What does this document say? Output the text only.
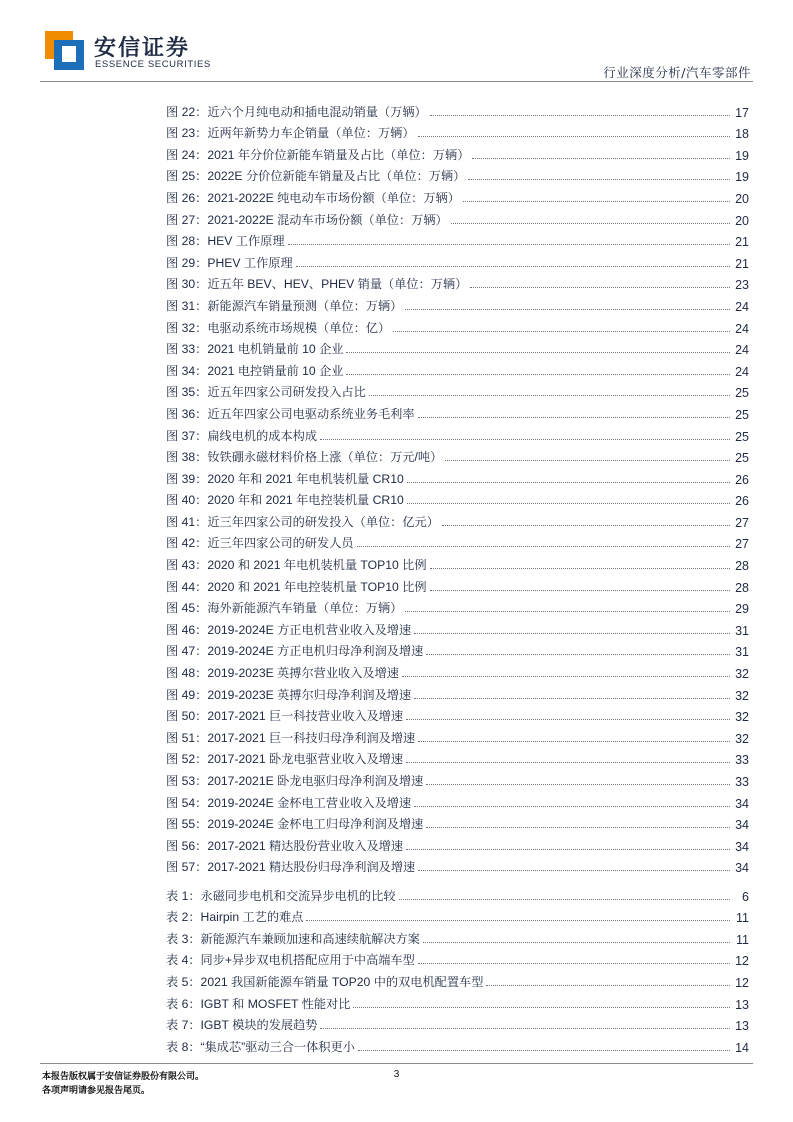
安信证券
ESSENCE SECURITIES
行业深度分析/汽车零部件
图 22：近六个月纯电动和插电混动销量（万辆）	17
图 23：近两年新势力车企销量（单位：万辆）	18
图 24：2021 年分价位新能车销量及占比（单位：万辆）	19
图 25：2022E 分价位新能车销量及占比（单位：万辆）	19
图 26：2021-2022E 纯电动车市场份额（单位：万辆）	20
图 27：2021-2022E 混动车市场份额（单位：万辆）	20
图 28：HEV 工作原理	21
图 29：PHEV 工作原理	21
图 30：近五年 BEV、HEV、PHEV 销量（单位：万辆）	23
图 31：新能源汽车销量预测（单位：万辆）	24
图 32：电驱动系统市场规模（单位：亿）	24
图 33：2021 电机销量前 10 企业	24
图 34：2021 电控销量前 10 企业	24
图 35：近五年四家公司研发投入占比	25
图 36：近五年四家公司电驱动系统业务毛利率	25
图 37：扁线电机的成本构成	25
图 38：钕铁硼永磁材料价格上涨（单位：万元/吨）	25
图 39：2020 年和 2021 年电机装机量 CR10	26
图 40：2020 年和 2021 年电控装机量 CR10	26
图 41：近三年四家公司的研发投入（单位：亿元）	27
图 42：近三年四家公司的研发人员	27
图 43：2020 和 2021 年电机装机量 TOP10 比例	28
图 44：2020 和 2021 年电控装机量 TOP10 比例	28
图 45：海外新能源汽车销量（单位：万辆）	29
图 46：2019-2024E 方正电机营业收入及增速	31
图 47：2019-2024E 方正电机归母净利润及增速	31
图 48：2019-2023E 英搏尔营业收入及增速	32
图 49：2019-2023E 英搏尔归母净利润及增速	32
图 50：2017-2021 巨一科技营业收入及增速	32
图 51：2017-2021 巨一科技归母净利润及增速	32
图 52：2017-2021 卧龙电驱营业收入及增速	33
图 53：2017-2021E 卧龙电驱归母净利润及增速	33
图 54：2019-2024E 金杯电工营业收入及增速	34
图 55：2019-2024E 金杯电工归母净利润及增速	34
图 56：2017-2021 精达股份营业收入及增速	34
图 57：2017-2021 精达股份归母净利润及增速	34
表 1：永磁同步电机和交流异步电机的比较	6
表 2：Hairpin 工艺的难点	11
表 3：新能源汽车兼顾加速和高速续航解决方案	11
表 4：同步+异步双电机搭配应用于中高端车型	12
表 5：2021 我国新能源车销量 TOP20 中的双电机配置车型	12
表 6：IGBT 和 MOSFET 性能对比	13
表 7：IGBT 模块的发展趋势	13
表 8：“集成芯”驱动三合一体积更小	14
本报告版权属于安信证券股份有限公司。
各项声明请参见报告尾页。
3
